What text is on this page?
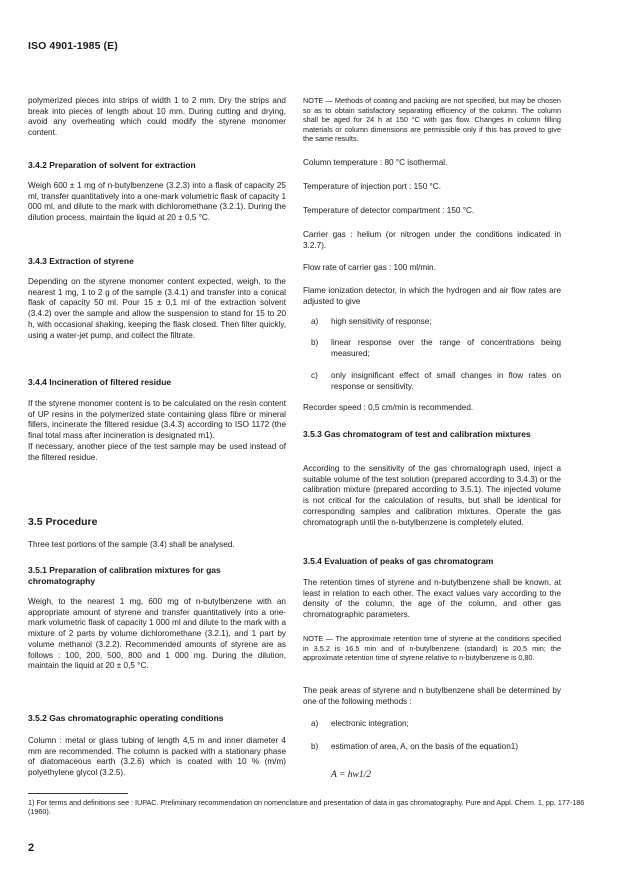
ISO 4901-1985 (E)

polymerized pieces into strips of width 1 to 2 mm. Dry the strips and break into pieces of length about 10 mm. During cutting and drying, avoid any overheating which could modify the styrene monomer content.

3.4.2 Preparation of solvent for extraction

Weigh 600 ± 1 mg of n-butylbenzene (3.2.3) into a flask of capacity 25 ml, transfer quantitatively into a one-mark volumetric flask of capacity 1 000 ml, and dilute to the mark with dichloromethane (3.2.1). During the dilution process, maintain the liquid at 20 ± 0,5 °C.

3.4.3 Extraction of styrene

Depending on the styrene monomer content expected, weigh, to the nearest 1 mg, 1 to 2 g of the sample (3.4.1) and transfer into a conical flask of capacity 50 ml. Pour 15 ± 0,1 ml of the extraction solvent (3.4.2) over the sample and allow the suspension to stand for 15 to 20 h, with occasional shaking, keeping the flask closed. Then filter quickly, using a water-jet pump, and collect the filtrate.

3.4.4 Incineration of filtered residue

If the styrene monomer content is to be calculated on the resin content of UP resins in the polymerized state containing glass fibre or mineral fillers, incinerate the filtered residue (3.4.3) according to ISO 1172 (the final total mass after incineration is designated m1).

If necessary, another piece of the test sample may be used instead of the filtered residue.

3.5 Procedure

Three test portions of the sample (3.4) shall be analysed.

3.5.1 Preparation of calibration mixtures for gas chromatography

Weigh, to the nearest 1 mg, 600 mg of n-butylbenzene with an appropriate amount of styrene and transfer quantitatively into a one-mark volumetric flask of capacity 1 000 ml and dilute to the mark with a mixture of 2 parts by volume dichloromethane (3.2.1), and 1 part by volume methanol (3.2.2). Recommended amounts of styrene are as follows : 100, 200, 500, 800 and 1 000 mg. During the dilution, maintain the liquid at 20 ± 0,5 °C.

3.5.2 Gas chromatographic operating conditions

Column : metal or glass tubing of length 4,5 m and inner diameter 4 mm are recommended. The column is packed with a stationary phase of diatomaceous earth (3.2.6) which is coated with 10 % (m/m) polyethylene glycol (3.2.5).

NOTE — Methods of coating and packing are not specified, but may be chosen so as to obtain satisfactory separating efficiency of the column. The column shall be aged for 24 h at 150 °C with gas flow. Changes in column filling materials or column dimensions are permissible only if this has proved to give the same results.

Column temperature : 80 °C isothermal.

Temperature of injection port : 150 °C.

Temperature of detector compartment : 150 °C.

Carrier gas : helium (or nitrogen under the conditions indicated in 3.2.7).

Flow rate of carrier gas : 100 ml/min.

Flame ionization detector, in which the hydrogen and air flow rates are adjusted to give

a)	high sensitivity of response;

b)	linear response over the range of concentrations being measured;

c)	only insignificant effect of small changes in flow rates on response or sensitivity.

Recorder speed : 0,5 cm/min is recommended.

3.5.3 Gas chromatogram of test and calibration mixtures

According to the sensitivity of the gas chromatograph used, inject a suitable volume of the test solution (prepared according to 3.4.3) or the calibration mixture (prepared according to 3.5.1). The injected volume is not critical for the calculation of results, but shall be identical for corresponding samples and calibration mixtures. Operate the gas chromatograph until the n-butylbenzene is completely eluted.

3.5.4 Evaluation of peaks of gas chromatogram

The retention times of styrene and n-butylbenzene shall be known, at least in relation to each other. The exact values vary according to the density of the column, the age of the column, and other gas chromatographic parameters.

NOTE — The approximate retention time of styrene at the conditions specified in 3.5.2 is 16.5 min and of n-butylbenzene (standard) is 20,5 min; the approximate retention time of styrene relative to n-butylbenzene is 0,80.

The peak areas of styrene and n butylbenzene shall be determined by one of the following methods :

a)	electronic integration;

b)	estimation of area, A, on the basis of the equation1)

A = hw1/2
1) For terms and definitions see : IUPAC. Preliminary recommendation on nomenclature and presentation of data in gas chromatography. Pure and Appl. Chem. 1, pp. 177-186 (1960).
2
